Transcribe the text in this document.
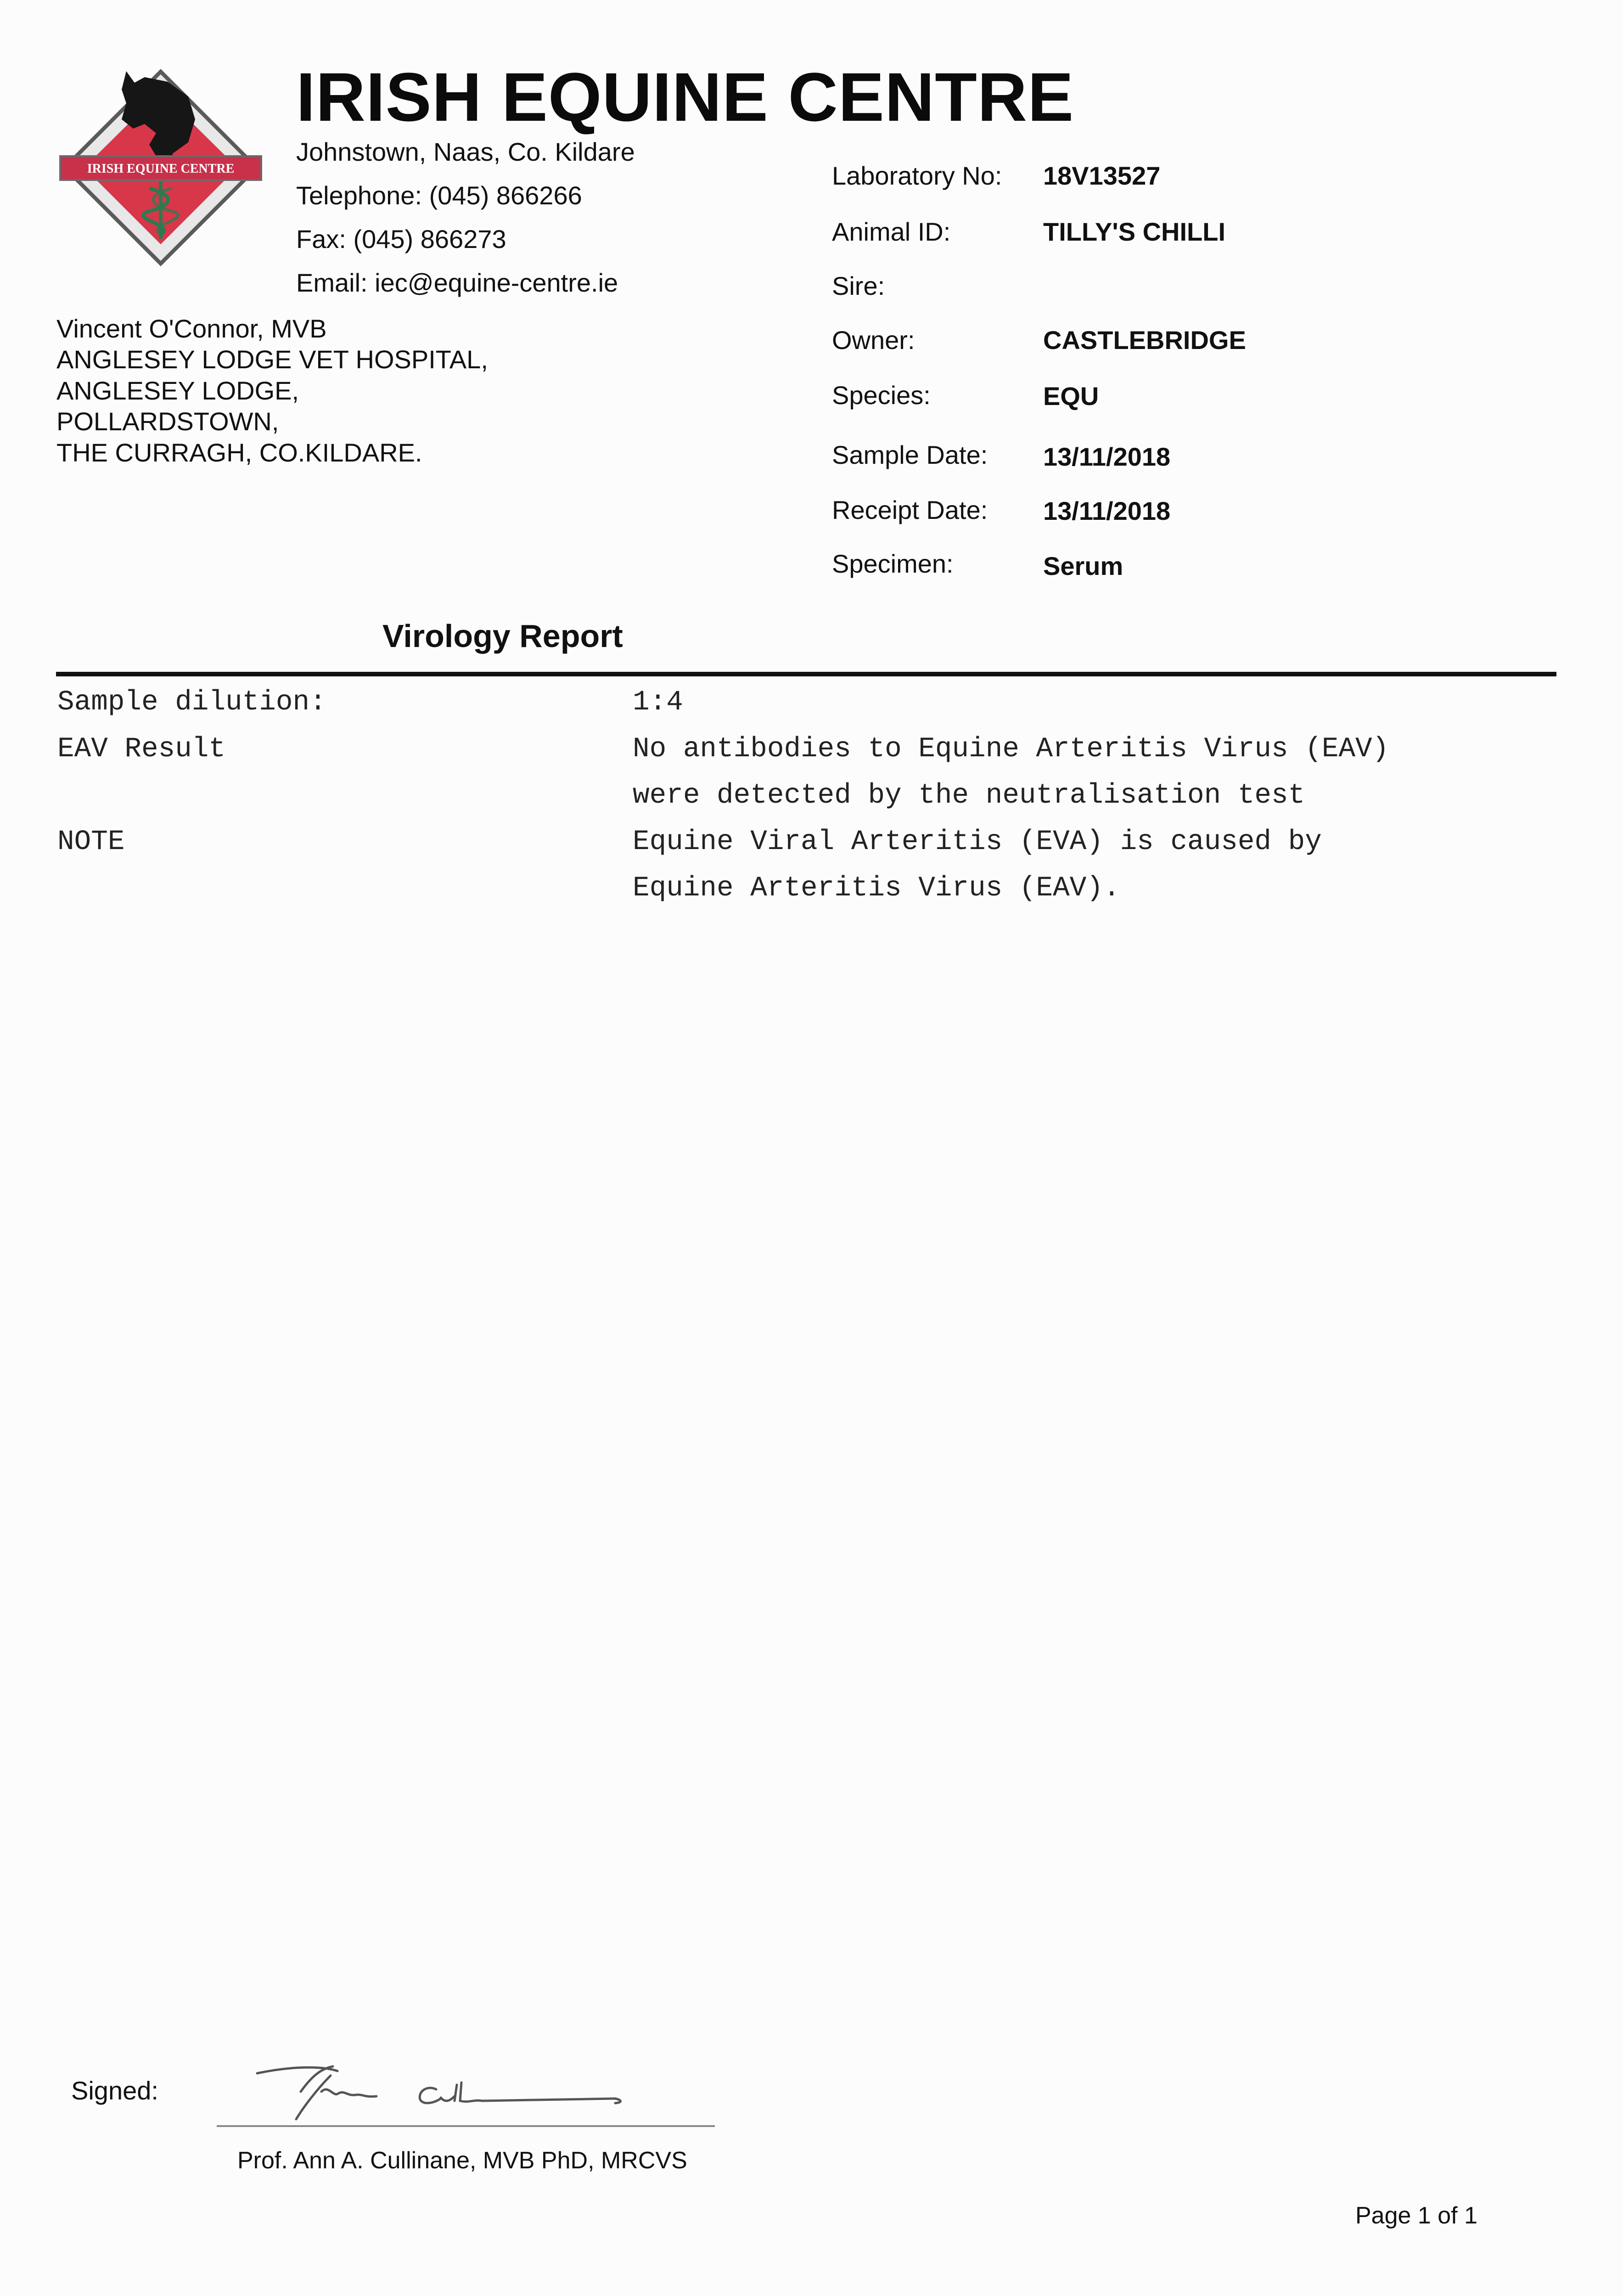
IRISH EQUINE CENTRE
IRISH EQUINE CENTRE
Johnstown, Naas, Co. Kildare
Telephone: (045) 866266
Fax: (045) 866273
Email: iec@equine-centre.ie
Vincent O'Connor, MVB
ANGLESEY LODGE VET HOSPITAL,
ANGLESEY LODGE,
POLLARDSTOWN,
THE CURRAGH, CO.KILDARE.
Laboratory No: 18V13527
Animal ID:	TILLY'S CHILLI
Sire:
Owner:	CASTLEBRIDGE
Species:	EQU
Sample Date: 13/11/2018
Receipt Date: 13/11/2018
Specimen:	Serum
Virology Report
Sample dilution:	1:4
EAV Result	No antibodies to Equine Arteritis Virus (EAV)
were detected by the neutralisation test
NOTE	Equine Viral Arteritis (EVA) is caused by
Equine Arteritis Virus (EAV).
Signed:
Prof. Ann A. Cullinane, MVB PhD, MRCVS
Page 1 of 1
